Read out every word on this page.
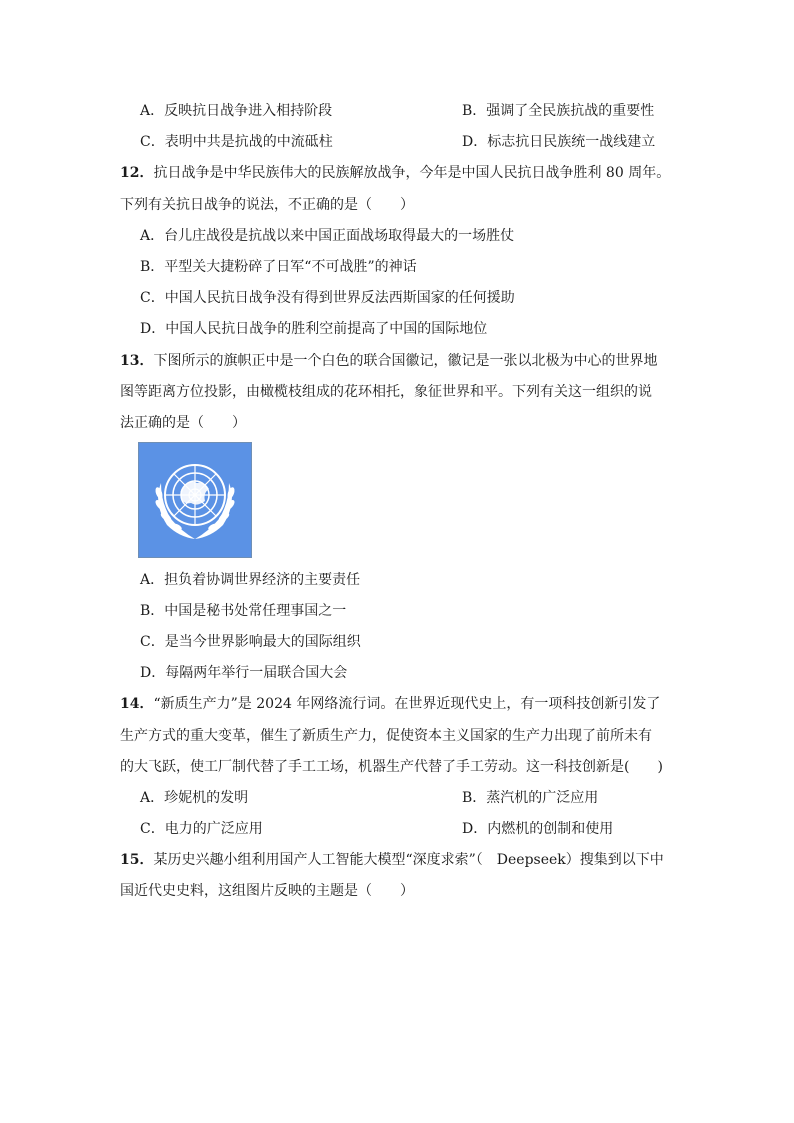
A．反映抗日战争进入相持阶段	B．强调了全民族抗战的重要性
C．表明中共是抗战的中流砥柱	D．标志抗日民族统一战线建立
12．抗日战争是中华民族伟大的民族解放战争，今年是中国人民抗日战争胜利 80 周年。
下列有关抗日战争的说法，不正确的是（　　）
A．台儿庄战役是抗战以来中国正面战场取得最大的一场胜仗
B．平型关大捷粉碎了日军“不可战胜”的神话
C．中国人民抗日战争没有得到世界反法西斯国家的任何援助
D．中国人民抗日战争的胜利空前提高了中国的国际地位
13．下图所示的旗帜正中是一个白色的联合国徽记，徽记是一张以北极为中心的世界地
图等距离方位投影，由橄榄枝组成的花环相托，象征世界和平。下列有关这一组织的说
法正确的是（　　）
A．担负着协调世界经济的主要责任
B．中国是秘书处常任理事国之一
C．是当今世界影响最大的国际组织
D．每隔两年举行一届联合国大会
14．“新质生产力”是 2024 年网络流行词。在世界近现代史上，有一项科技创新引发了
生产方式的重大变革，催生了新质生产力，促使资本主义国家的生产力出现了前所未有
的大飞跃，使工厂制代替了手工工场，机器生产代替了手工劳动。这一科技创新是(　　)
A．珍妮机的发明	B．蒸汽机的广泛应用
C．电力的广泛应用	D．内燃机的创制和使用
15．某历史兴趣小组利用国产人工智能大模型“深度求索”（　Deepseek）搜集到以下中
国近代史史料，这组图片反映的主题是（　　）
